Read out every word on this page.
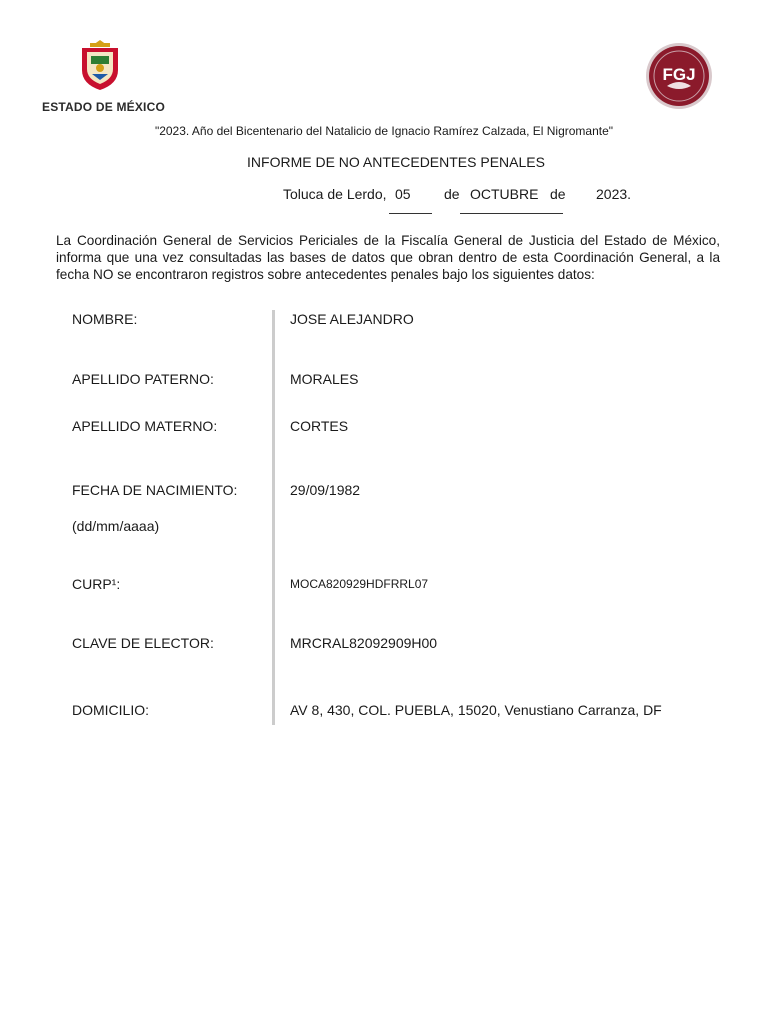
ESTADO DE MÉXICO
FGJ
"2023. Año del Bicentenario del Natalicio de Ignacio Ramírez Calzada, El Nigromante"
INFORME DE NO ANTECEDENTES PENALES
Toluca de Lerdo, 05 de OCTUBRE de 2023.
La Coordinación General de Servicios Periciales de la Fiscalía General de Justicia del Estado de México, informa que una vez consultadas las bases de datos que obran dentro de esta Coordinación General, a la fecha NO se encontraron registros sobre antecedentes penales bajo los siguientes datos:
NOMBRE:	JOSE ALEJANDRO
APELLIDO PATERNO:	MORALES
APELLIDO MATERNO:	CORTES
FECHA DE NACIMIENTO:	29/09/1982
(dd/mm/aaaa)
CURP¹:	MOCA820929HDFRRL07
CLAVE DE ELECTOR:	MRCRAL82092909H00
DOMICILIO:	AV 8, 430, COL. PUEBLA, 15020, Venustiano Carranza, DF
